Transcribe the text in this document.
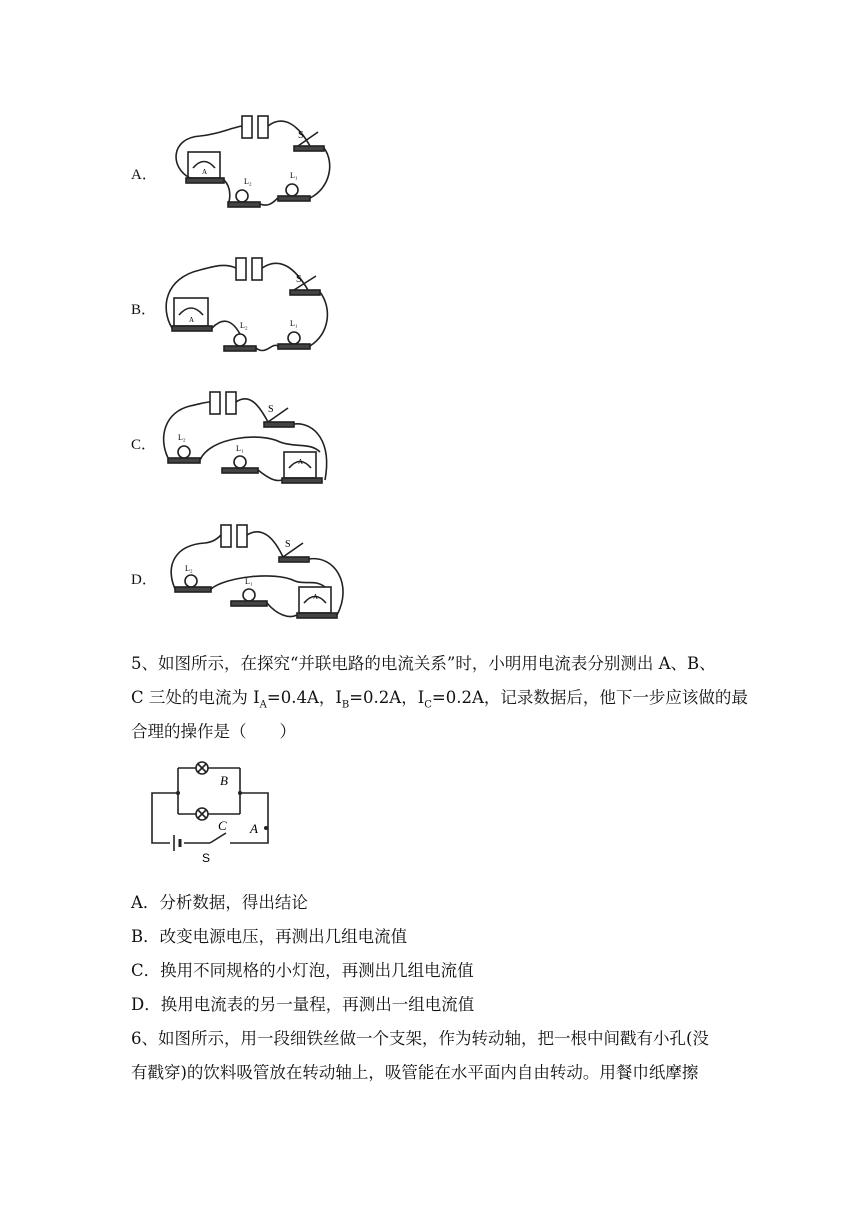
A．
S
A
L₂
L₁
B．
S
A
L₂	L₁
C．
S
A
L₂
L₁
D．
S
A
L₂
L₁
5、如图所示，在探究“并联电路的电流关系”时，小明用电流表分别测出 A、B、
C 三处的电流为 $I_A=0.4A$，$I_B=0.2A$，$I_C=0.2A$，记录数据后，他下一步应该做的最
合理的操作是（　　）
B
C A
S
A．分析数据，得出结论
B．改变电源电压，再测出几组电流值
C．换用不同规格的小灯泡，再测出几组电流值
D．换用电流表的另一量程，再测出一组电流值
6、如图所示，用一段细铁丝做一个支架，作为转动轴，把一根中间戳有小孔(没
有戳穿)的饮料吸管放在转动轴上，吸管能在水平面内自由转动。用餐巾纸摩擦
